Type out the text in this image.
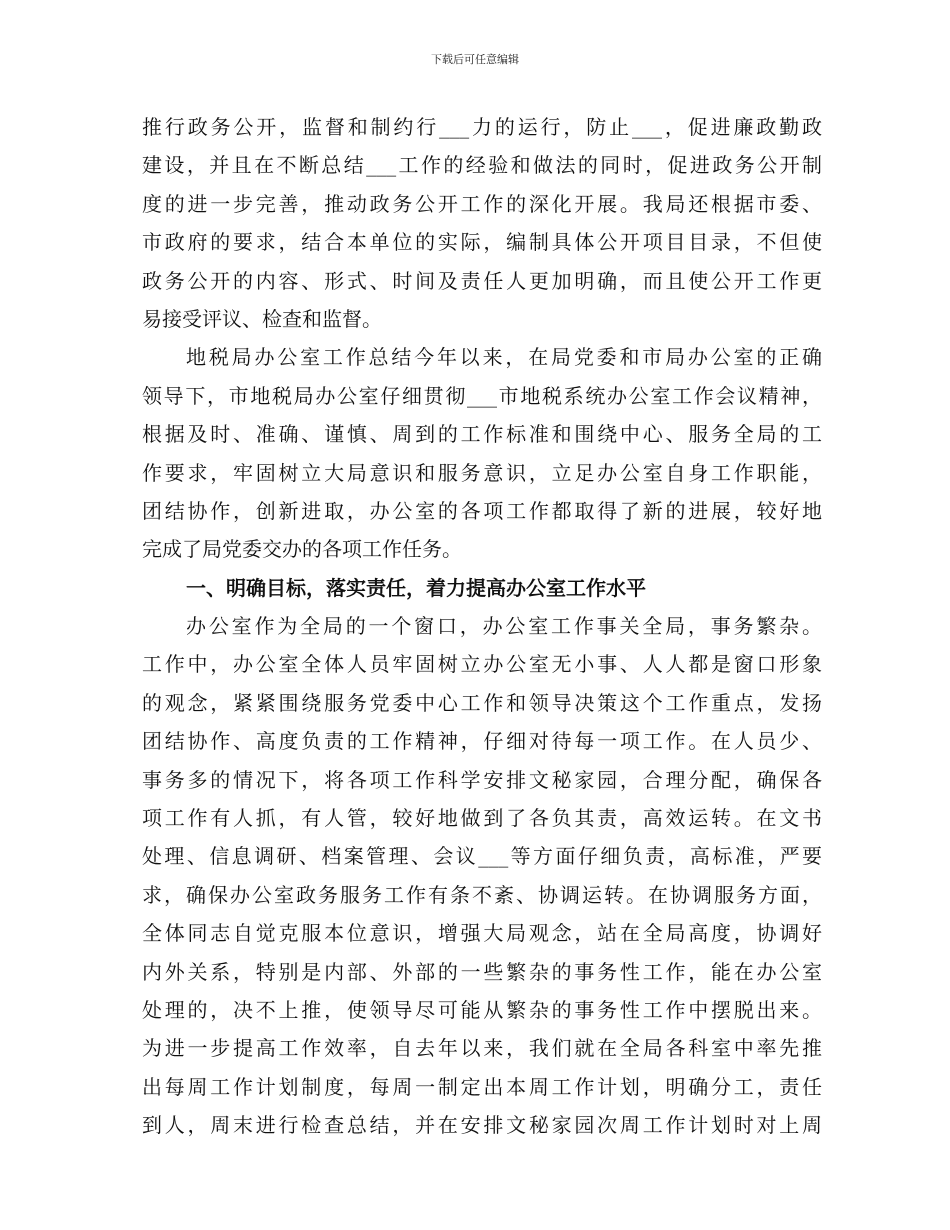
下载后可任意编辑
推行政务公开，监督和制约行___力的运行，防止___，促进廉政勤政
建设，并且在不断总结___工作的经验和做法的同时，促进政务公开制
度的进一步完善，推动政务公开工作的深化开展。我局还根据市委、
市政府的要求，结合本单位的实际，编制具体公开项目目录，不但使
政务公开的内容、形式、时间及责任人更加明确，而且使公开工作更
易接受评议、检查和监督。
地税局办公室工作总结今年以来，在局党委和市局办公室的正确
领导下，市地税局办公室仔细贯彻___市地税系统办公室工作会议精神，
根据及时、准确、谨慎、周到的工作标准和围绕中心、服务全局的工
作要求，牢固树立大局意识和服务意识，立足办公室自身工作职能，
团结协作，创新进取，办公室的各项工作都取得了新的进展，较好地
完成了局党委交办的各项工作任务。
一、明确目标，落实责任，着力提高办公室工作水平
办公室作为全局的一个窗口，办公室工作事关全局，事务繁杂。
工作中，办公室全体人员牢固树立办公室无小事、人人都是窗口形象
的观念，紧紧围绕服务党委中心工作和领导决策这个工作重点，发扬
团结协作、高度负责的工作精神，仔细对待每一项工作。在人员少、
事务多的情况下，将各项工作科学安排文秘家园，合理分配，确保各
项工作有人抓，有人管，较好地做到了各负其责，高效运转。在文书
处理、信息调研、档案管理、会议___等方面仔细负责，高标准，严要
求，确保办公室政务服务工作有条不紊、协调运转。在协调服务方面，
全体同志自觉克服本位意识，增强大局观念，站在全局高度，协调好
内外关系，特别是内部、外部的一些繁杂的事务性工作，能在办公室
处理的，决不上推，使领导尽可能从繁杂的事务性工作中摆脱出来。
为进一步提高工作效率，自去年以来，我们就在全局各科室中率先推
出每周工作计划制度，每周一制定出本周工作计划，明确分工，责任
到人，周末进行检查总结，并在安排文秘家园次周工作计划时对上周
